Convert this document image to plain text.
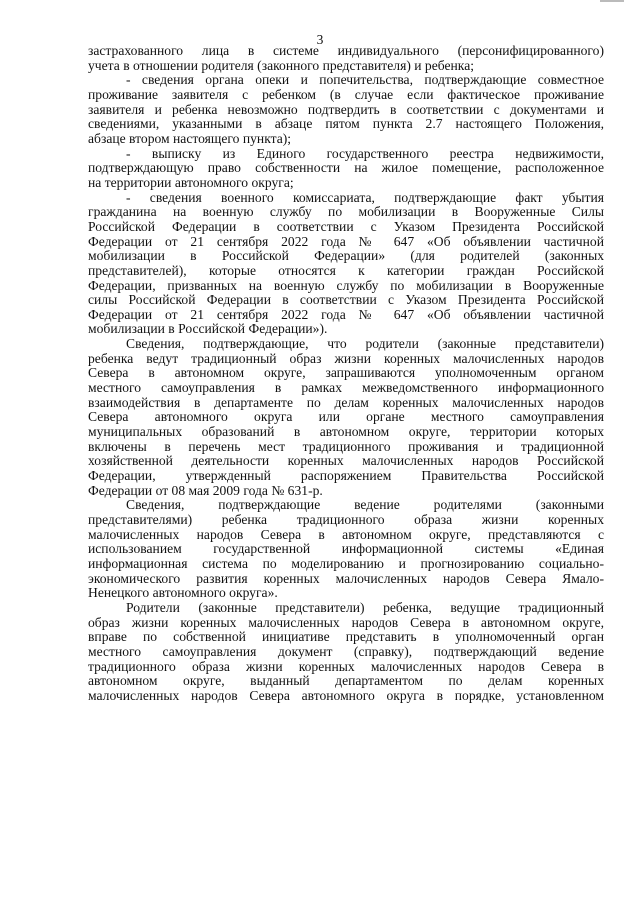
3
застрахованного лица в системе индивидуального (персонифицированного)
учета в отношении родителя (законного представителя) и ребенка;
- сведения органа опеки и попечительства, подтверждающие совместное
проживание заявителя с ребенком (в случае если фактическое проживание
заявителя и ребенка невозможно подтвердить в соответствии с документами и
сведениями, указанными в абзаце пятом пункта 2.7 настоящего Положения,
абзаце втором настоящего пункта);
- выписку из Единого государственного реестра недвижимости,
подтверждающую право собственности на жилое помещение, расположенное
на территории автономного округа;
- сведения военного комиссариата, подтверждающие факт убытия
гражданина на военную службу по мобилизации в Вооруженные Силы
Российской Федерации в соответствии с Указом Президента Российской
Федерации от 21 сентября 2022 года № 647 «Об объявлении частичной
мобилизации в Российской Федерации» (для родителей (законных
представителей), которые относятся к категории граждан Российской
Федерации, призванных на военную службу по мобилизации в Вооруженные
силы Российской Федерации в соответствии с Указом Президента Российской
Федерации от 21 сентября 2022 года № 647 «Об объявлении частичной
мобилизации в Российской Федерации»).
Сведения, подтверждающие, что родители (законные представители)
ребенка ведут традиционный образ жизни коренных малочисленных народов
Севера в автономном округе, запрашиваются уполномоченным органом
местного самоуправления в рамках межведомственного информационного
взаимодействия в департаменте по делам коренных малочисленных народов
Севера автономного округа или органе местного самоуправления
муниципальных образований в автономном округе, территории которых
включены в перечень мест традиционного проживания и традиционной
хозяйственной деятельности коренных малочисленных народов Российской
Федерации, утвержденный распоряжением Правительства Российской
Федерации от 08 мая 2009 года № 631-р.
Сведения, подтверждающие ведение родителями (законными
представителями) ребенка традиционного образа жизни коренных
малочисленных народов Севера в автономном округе, представляются с
использованием государственной информационной системы «Единая
информационная система по моделированию и прогнозированию социально-
экономического развития коренных малочисленных народов Севера Ямало-
Ненецкого автономного округа».
Родители (законные представители) ребенка, ведущие традиционный
образ жизни коренных малочисленных народов Севера в автономном округе,
вправе по собственной инициативе представить в уполномоченный орган
местного самоуправления документ (справку), подтверждающий ведение
традиционного образа жизни коренных малочисленных народов Севера в
автономном округе, выданный департаментом по делам коренных
малочисленных народов Севера автономного округа в порядке, установленном
